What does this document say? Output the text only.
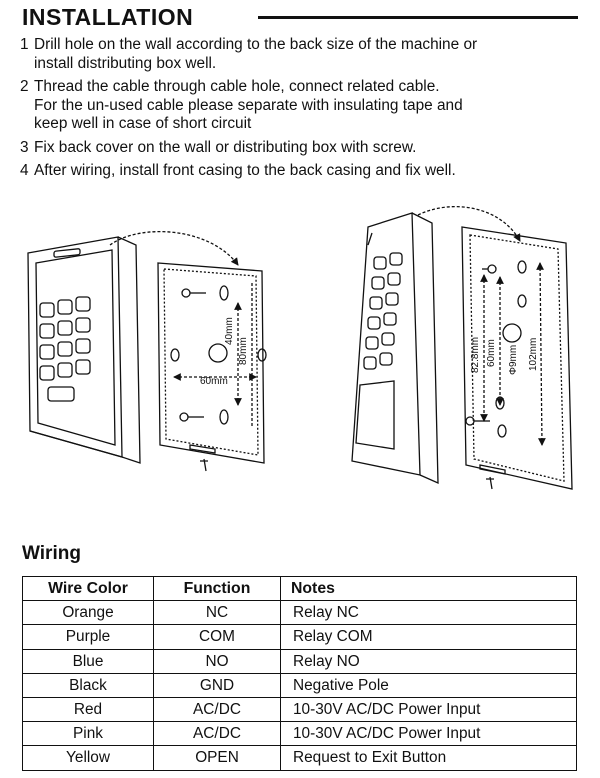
INSTALLATION
1 Drill hole on the wall according to the back size of the machine or
install distributing box well.
2 Thread the cable through cable hole, connect related cable.
For the un-used cable please separate with insulating tape and
keep well in case of short circuit
3 Fix back cover on the wall or distributing box with screw.
4 After wiring, install front casing to the back casing and fix well.
60mm
40mm
80mm	82.8mm 60mm Φ9mm 102mm
Wiring
Wire Color	Function	Notes
Orange	NC	Relay NC
Purple	COM	Relay COM
Blue	NO	Relay NO
Black	GND	Negative Pole
Red	AC/DC	10-30V AC/DC Power Input
Pink	AC/DC	10-30V AC/DC Power Input
Yellow	OPEN	Request to Exit Button
